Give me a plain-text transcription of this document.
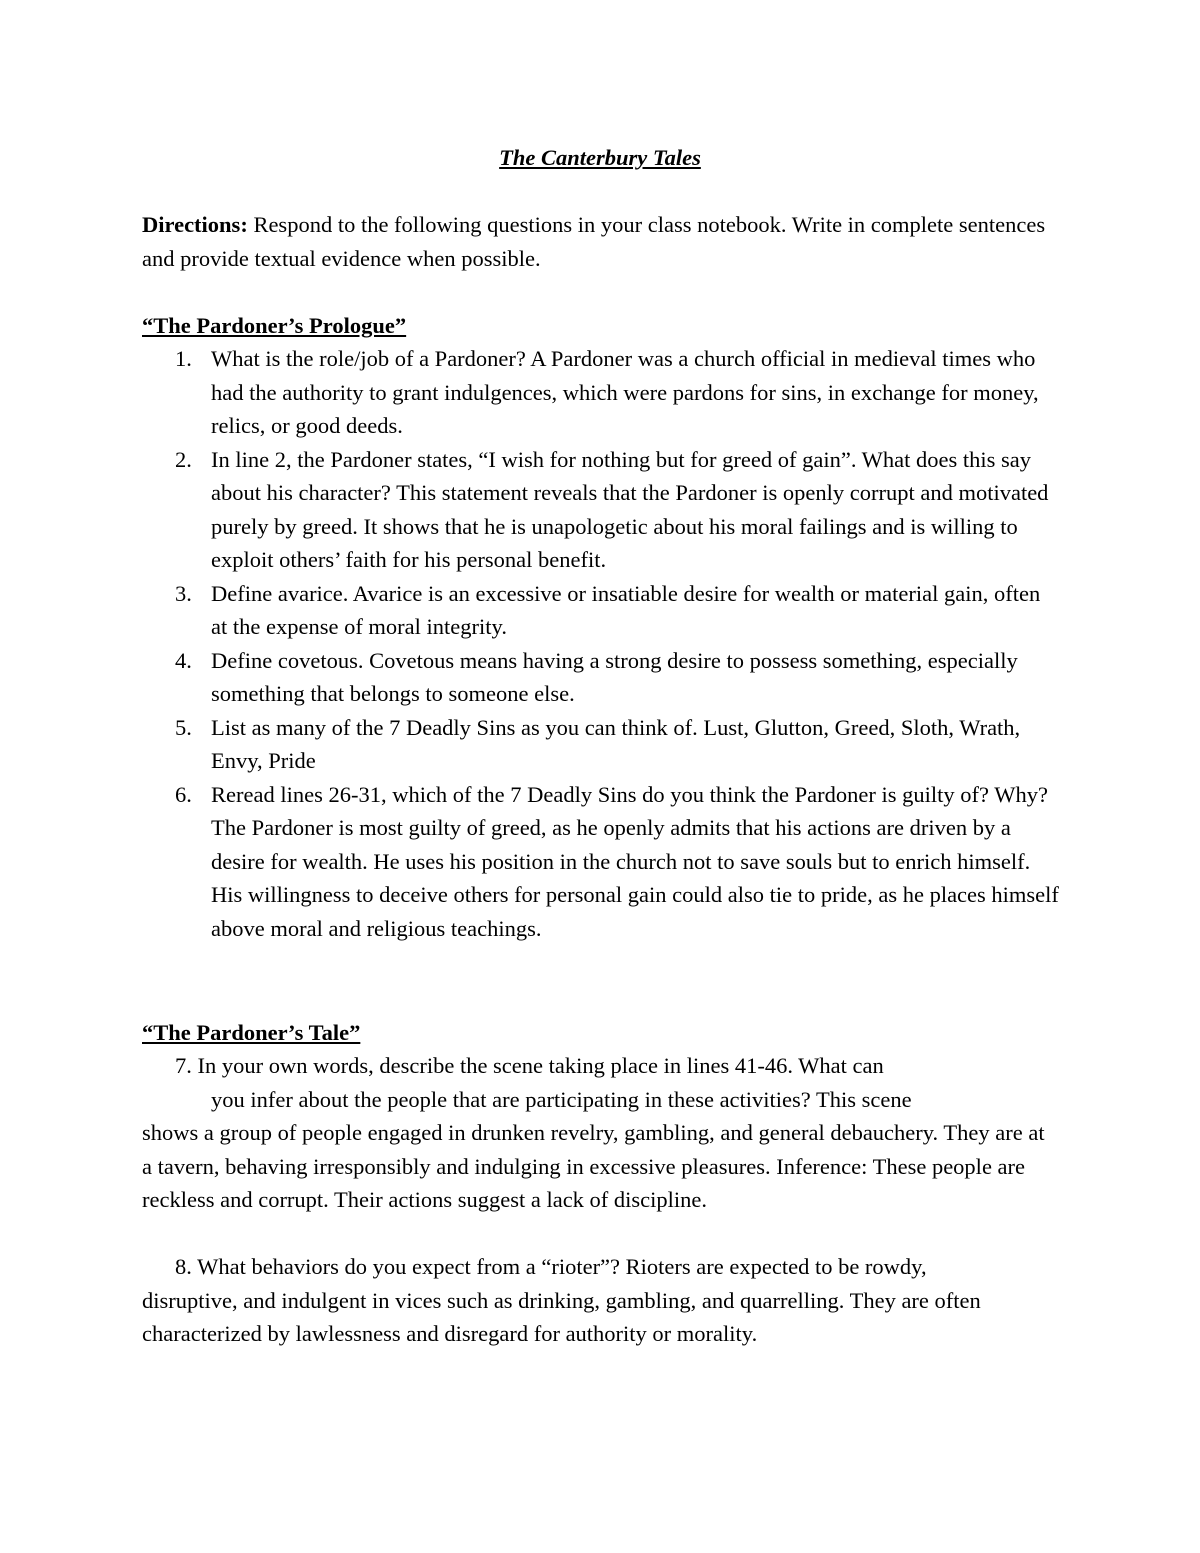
The Canterbury Tales

Directions: Respond to the following questions in your class notebook. Write in complete sentences and provide textual evidence when possible.

“The Pardoner’s Prologue”
1. What is the role/job of a Pardoner? A Pardoner was a church official in medieval times who had the authority to grant indulgences, which were pardons for sins, in exchange for money, relics, or good deeds.
2. In line 2, the Pardoner states, “I wish for nothing but for greed of gain”. What does this say about his character? This statement reveals that the Pardoner is openly corrupt and motivated purely by greed. It shows that he is unapologetic about his moral failings and is willing to exploit others’ faith for his personal benefit.
3. Define avarice. Avarice is an excessive or insatiable desire for wealth or material gain, often at the expense of moral integrity.
4. Define covetous. Covetous means having a strong desire to possess something, especially something that belongs to someone else.
5. List as many of the 7 Deadly Sins as you can think of. Lust, Glutton, Greed, Sloth, Wrath, Envy, Pride
6. Reread lines 26-31, which of the 7 Deadly Sins do you think the Pardoner is guilty of? Why? The Pardoner is most guilty of greed, as he openly admits that his actions are driven by a desire for wealth. He uses his position in the church not to save souls but to enrich himself. His willingness to deceive others for personal gain could also tie to pride, as he places himself above moral and religious teachings.
“The Pardoner’s Tale”
7. In your own words, describe the scene taking place in lines 41-46. What can
you infer about the people that are participating in these activities? This scene
shows a group of people engaged in drunken revelry, gambling, and general debauchery. They are at a tavern, behaving irresponsibly and indulging in excessive pleasures. Inference: These people are reckless and corrupt. Their actions suggest a lack of discipline.
8. What behaviors do you expect from a “rioter”? Rioters are expected to be rowdy,
disruptive, and indulgent in vices such as drinking, gambling, and quarrelling. They are often characterized by lawlessness and disregard for authority or morality.
